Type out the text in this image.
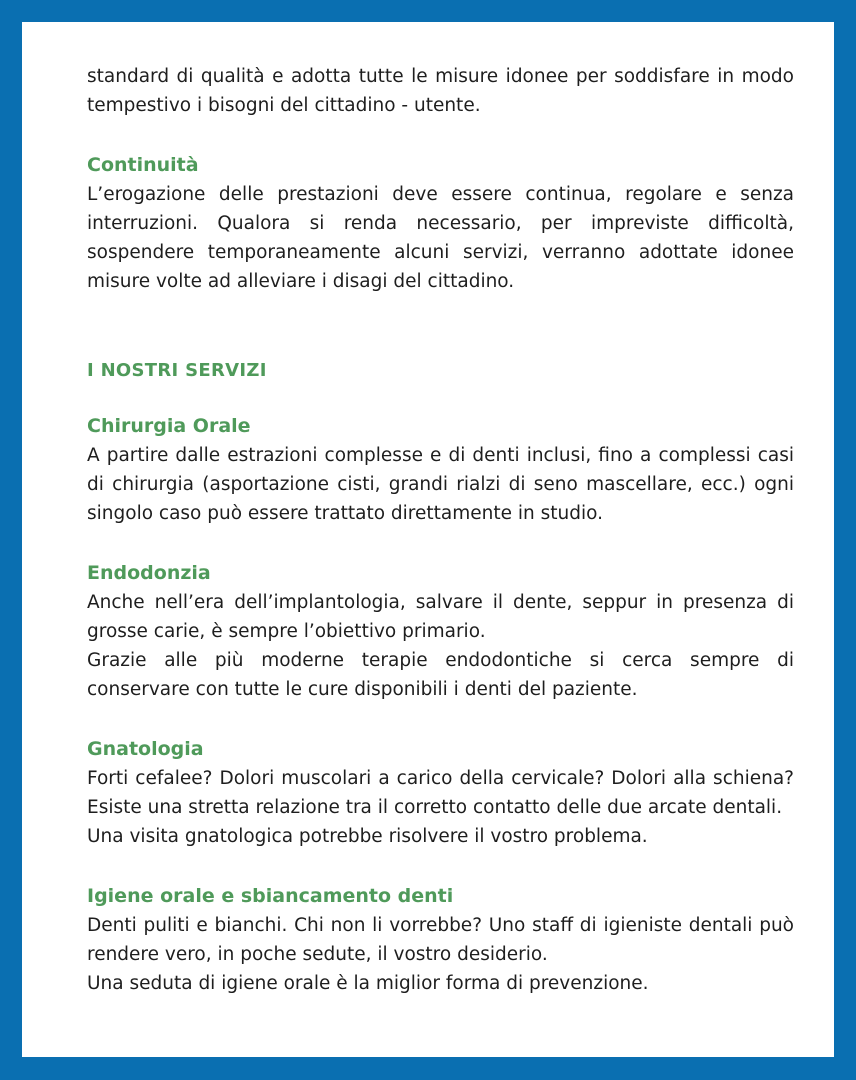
standard di qualità e adotta tutte le misure idonee per soddisfare in modo tempestivo i bisogni del cittadino - utente.

Continuità

L’erogazione delle prestazioni deve essere continua, regolare e senza interruzioni. Qualora si renda necessario, per impreviste difficoltà, sospendere temporaneamente alcuni servizi, verranno adottate idonee misure volte ad alleviare i disagi del cittadino.

I NOSTRI SERVIZI
Chirurgia Orale

A partire dalle estrazioni complesse e di denti inclusi, fino a complessi casi di chirurgia (asportazione cisti, grandi rialzi di seno mascellare, ecc.) ogni singolo caso può essere trattato direttamente in studio.

Endodonzia

Anche nell’era dell’implantologia, salvare il dente, seppur in presenza di grosse carie, è sempre l’obiettivo primario.

Grazie alle più moderne terapie endodontiche si cerca sempre di conservare con tutte le cure disponibili i denti del paziente.

Gnatologia

Forti cefalee? Dolori muscolari a carico della cervicale? Dolori alla schiena? Esiste una stretta relazione tra il corretto contatto delle due arcate dentali.

Una visita gnatologica potrebbe risolvere il vostro problema.

Igiene orale e sbiancamento denti

Denti puliti e bianchi. Chi non li vorrebbe? Uno staff di igieniste dentali può rendere vero, in poche sedute, il vostro desiderio.

Una seduta di igiene orale è la miglior forma di prevenzione.
